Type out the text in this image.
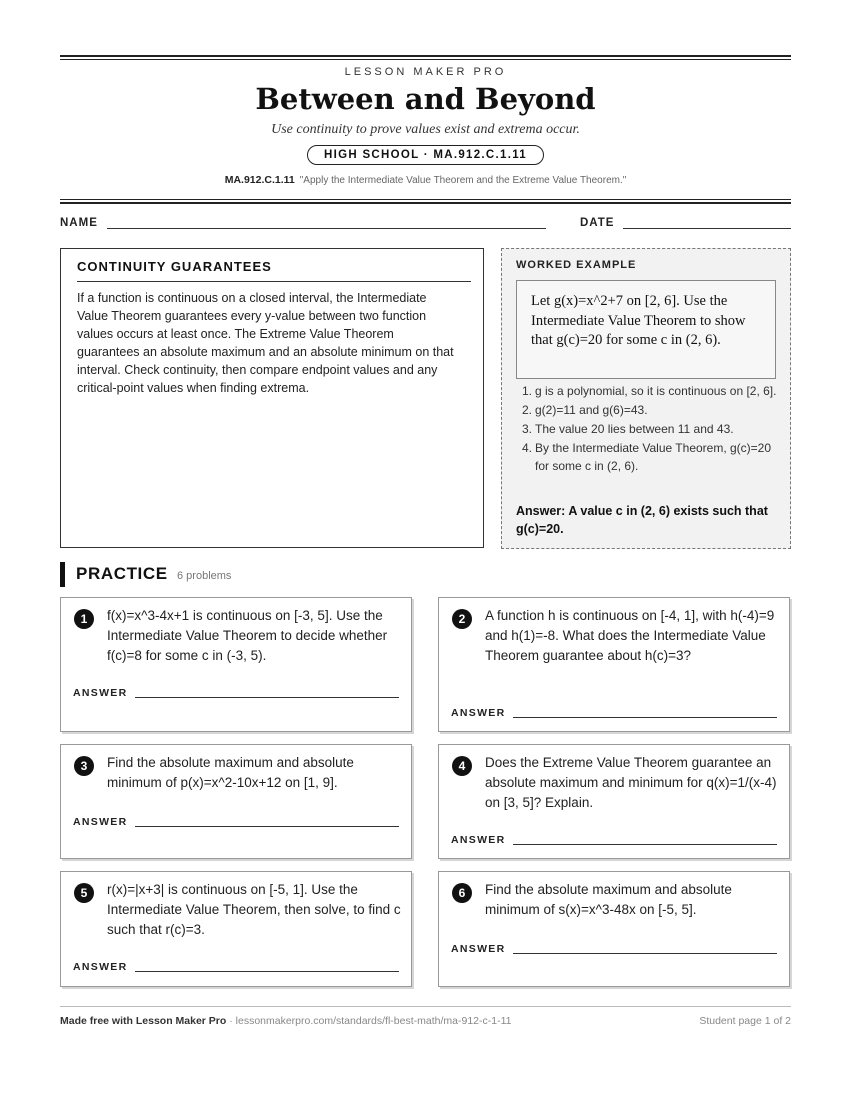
LESSON MAKER PRO
Between and Beyond
Use continuity to prove values exist and extrema occur.
HIGH SCHOOL · MA.912.C.1.11
MA.912.C.1.11 "Apply the Intermediate Value Theorem and the Extreme Value Theorem."
NAME	DATE
CONTINUITY GUARANTEES
If a function is continuous on a closed interval, the Intermediate Value Theorem guarantees every y-value between two function values occurs at least once. The Extreme Value Theorem guarantees an absolute maximum and an absolute minimum on that interval. Check continuity, then compare endpoint values and any critical-point values when finding extrema.
WORKED EXAMPLE
Let g(x)=x^2+7 on [2, 6]. Use the Intermediate Value Theorem to show that g(c)=20 for some c in (2, 6).
1. g is a polynomial, so it is continuous on [2, 6].
2. g(2)=11 and g(6)=43.
3. The value 20 lies between 11 and 43.
4. By the Intermediate Value Theorem, g(c)=20 for some c in (2, 6).
Answer: A value c in (2, 6) exists such that g(c)=20.
PRACTICE 6 problems
1	f(x)=x^3-4x+1 is continuous on [-3, 5]. Use the Intermediate Value Theorem to decide whether f(c)=8 for some c in (-3, 5).
ANSWER
2	A function h is continuous on [-4, 1], with h(-4)=9 and h(1)=-8. What does the Intermediate Value Theorem guarantee about h(c)=3?
ANSWER
3	Find the absolute maximum and absolute minimum of p(x)=x^2-10x+12 on [1, 9].
ANSWER
4	Does the Extreme Value Theorem guarantee an absolute maximum and minimum for q(x)=1/(x-4) on [3, 5]? Explain.
ANSWER
5	r(x)=|x+3| is continuous on [-5, 1]. Use the Intermediate Value Theorem, then solve, to find c such that r(c)=3.
ANSWER
6	Find the absolute maximum and absolute minimum of s(x)=x^3-48x on [-5, 5].
ANSWER
Made free with Lesson Maker Pro · lessonmakerpro.com/standards/fl-best-math/ma-912-c-1-11	Student page 1 of 2
